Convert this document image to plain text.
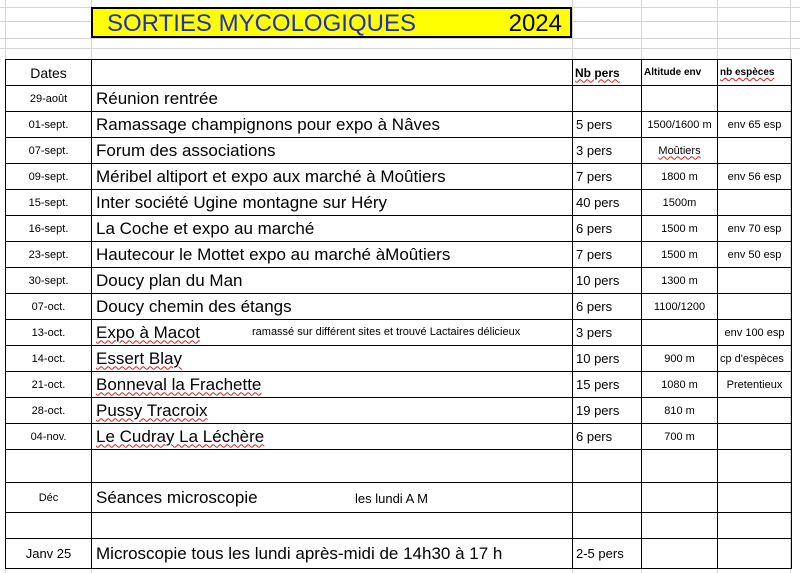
SORTIES MYCOLOGIQUES	2024
Dates		Nb pers	Altitude env	nb espèces
29-août	Réunion rentrée			
01-sept.	Ramassage champignons pour expo à Nâves	5 pers	1500/1600 m	env 65 esp
07-sept.	Forum des associations	3 pers	Moûtiers	
09-sept.	Méribel altiport et expo aux marché à Moûtiers	7 pers	1800 m	env 56 esp
15-sept.	Inter société Ugine montagne sur Héry	40 pers	1500m	
16-sept.	La Coche et expo au marché	6 pers	1500 m	env 70 esp
23-sept.	Hautecour le Mottet expo au marché àMoûtiers	7 pers	1500 m	env 50 esp
30-sept.	Doucy plan du Man	10 pers	1300 m	
07-oct.	Doucy chemin des étangs	6 pers	1100/1200	
13-oct.	Expo à Macot ramassé sur différent sites et trouvé Lactaires délicieux	3 pers		env 100 esp
14-oct.	Essert Blay	10 pers	900 m	cp d'espèces
21-oct.	Bonneval la Frachette	15 pers	1080 m	Pretentieux
28-oct.	Pussy Tracroix	19 pers	810 m	
04-nov.	Le Cudray La Léchère	6 pers	700 m	

Déc	Séances microscopie les lundi A M			

Janv 25	Microscopie tous les lundi après-midi de 14h30 à 17 h	2-5 pers		
